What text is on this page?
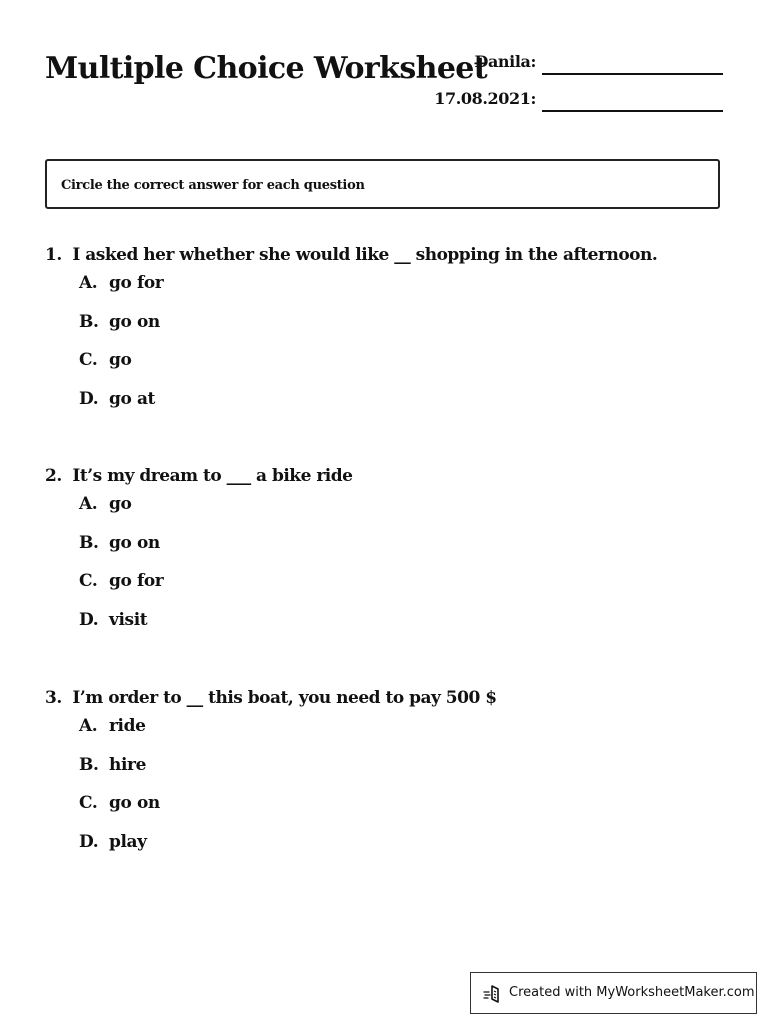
Multiple Choice Worksheet
Danila:
17.08.2021:
Circle the correct answer for each question
1. I asked her whether she would like __ shopping in the afternoon.
A. go for
B. go on
C. go
D. go at
2. It’s my dream to ___ a bike ride
A. go
B. go on
C. go for
D. visit
3. I’m order to __ this boat, you need to pay 500 $
A. ride
B. hire
C. go on
D. play
Created with MyWorksheetMaker.com
